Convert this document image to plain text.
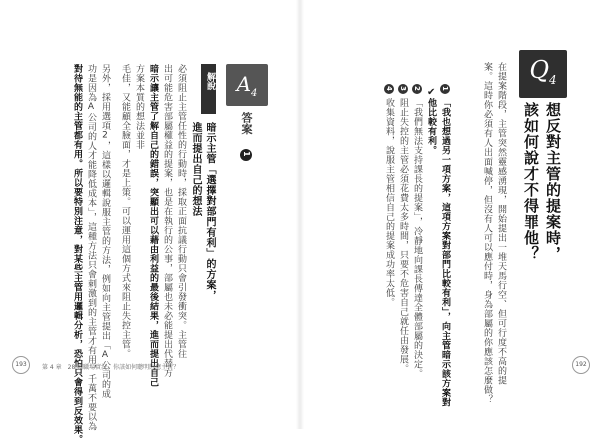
$Q_4$
想反對主管的提案時，
該如何說才不得罪他？
在提案階段，主管突然靈感湧現，開始提出一堆天馬行空、但可行度不高的提
案。這時你必須有人出面喊停，但沒有人可以應付時，身為部屬的你應該怎麼做？
✔ 1
「我也想過另一項方案，這項方案對部門比較有利」，向主管暗示該方案對
他比較有利。
2
「我們無法支持課長的提案」，冷靜地向課長傳達全體部屬的決定。
3
阻止失控的主管必須花費太多時間，只要不危害自己就任由發展。
4
收集資料，說服主管相信自己的提案成功率太低。
$A_4$
答案 1
解說
暗示主管「選擇對部門有利」的方案，
進而提出自己的想法
必須阻止主管任性的行動時，採取正面抗議行動只會引發衝突。主管往
出可能危害部屬權益的提案，也是在執行的公事，部屬也未必能提出代替方
暗示讓主管了解自己的錯誤，突顯出可以藉由利益的最後結果，進而提出自己
方案本質的想法並非
毛佳，又能顧全臉面，才是上策。可以運用這個方式來阻止失控主管。
另外，採用選項2，這樣以邏輯說服主管的方法，例如向主管提出「A公司的成
功是因為A公司的人才能降低成本」，這種方法只會刺激到的主管才有用，千萬不要以為
對待無能的主管都有用。所以要特別注意，對某些主管用邏輯分析，恐怕只會得到反效果。
193	第 4 章　28 種職場實況，你該如何聰明因應主管？	192
